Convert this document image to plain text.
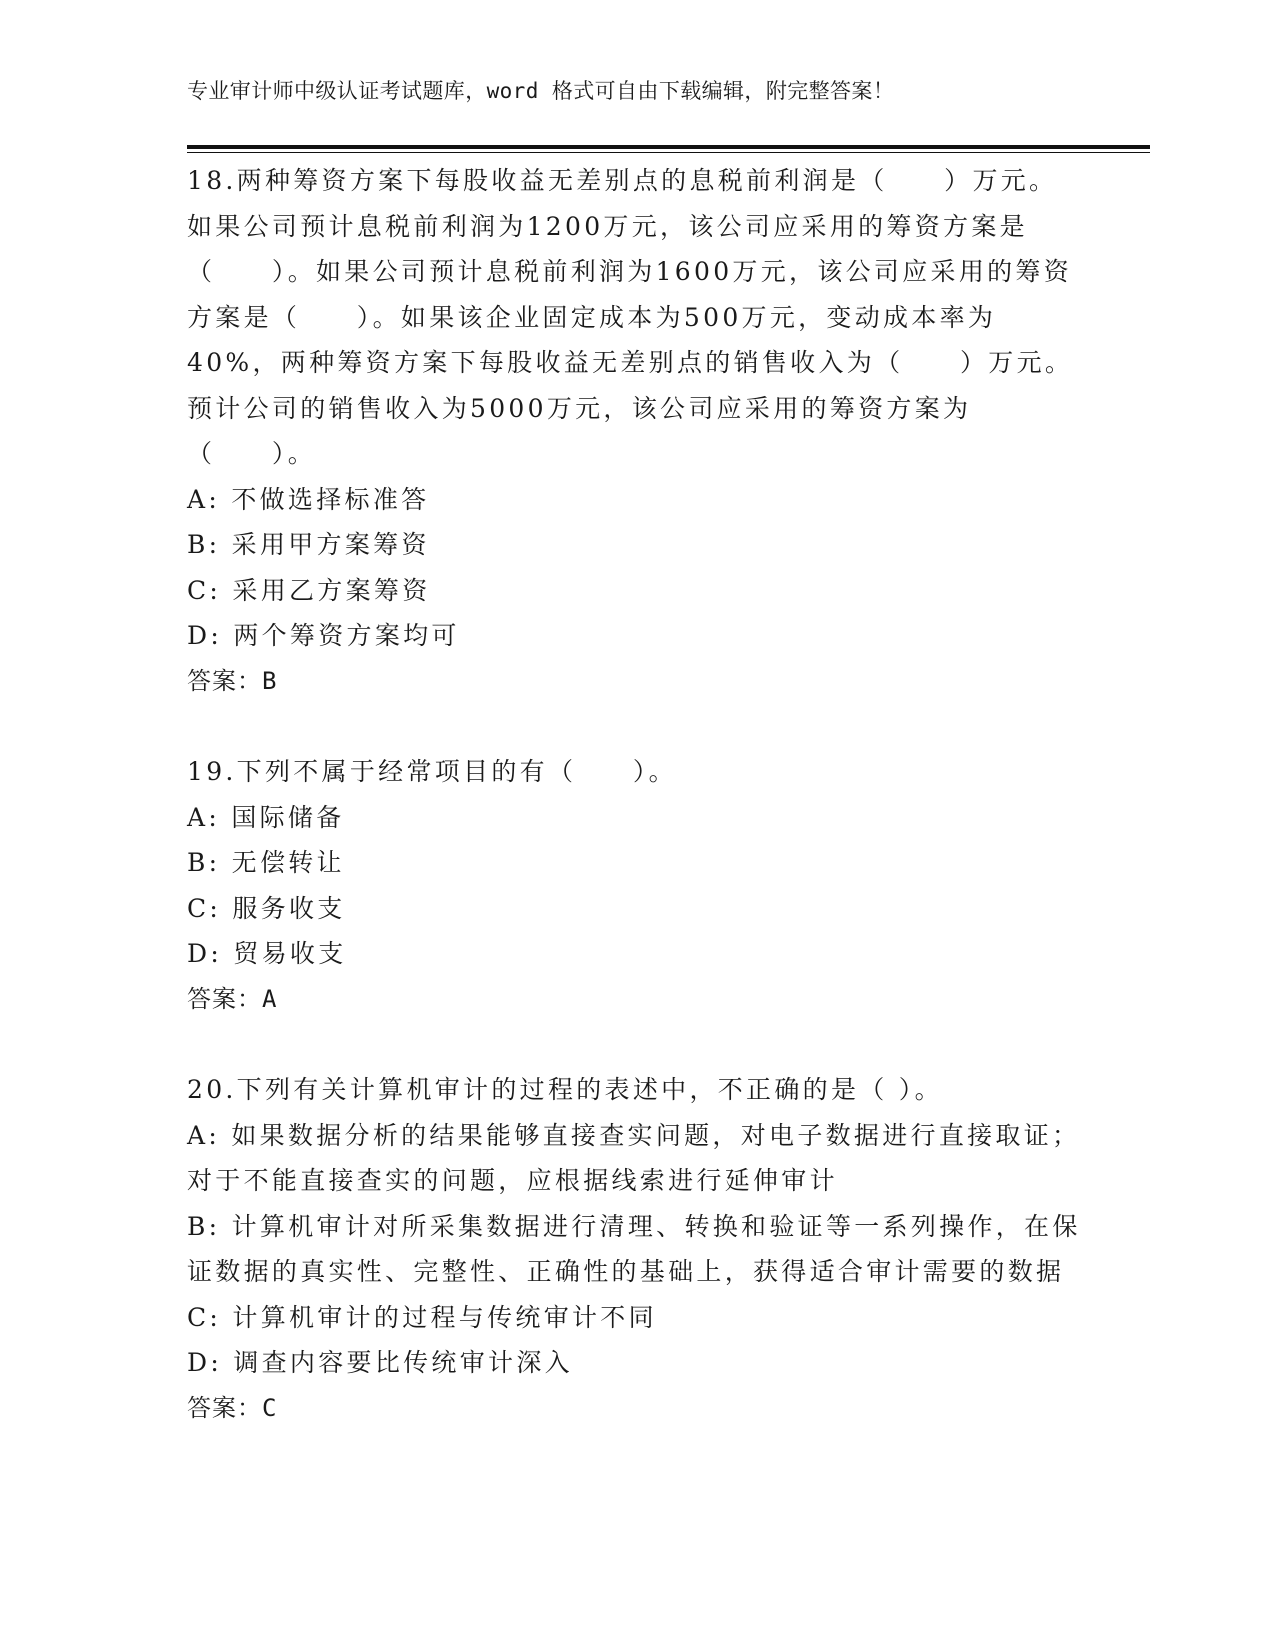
专业审计师中级认证考试题库，word 格式可自由下载编辑，附完整答案！

18.两种筹资方案下每股收益无差别点的息税前利润是（　　）万元。如果公司预计息税前利润为1200万元，该公司应采用的筹资方案是（　　）。如果公司预计息税前利润为1600万元，该公司应采用的筹资方案是（　　）。如果该企业固定成本为500万元，变动成本率为40%，两种筹资方案下每股收益无差别点的销售收入为（　　）万元。预计公司的销售收入为5000万元，该公司应采用的筹资方案为（　　）。

A: 不做选择标准答

B: 采用甲方案筹资

C: 采用乙方案筹资

D: 两个筹资方案均可

答案：B

19.下列不属于经常项目的有（　　）。

A: 国际储备

B: 无偿转让

C: 服务收支

D: 贸易收支

答案：A

20.下列有关计算机审计的过程的表述中，不正确的是（ ）。

A: 如果数据分析的结果能够直接查实问题，对电子数据进行直接取证；对于不能直接查实的问题，应根据线索进行延伸审计

B: 计算机审计对所采集数据进行清理、转换和验证等一系列操作，在保证数据的真实性、完整性、正确性的基础上，获得适合审计需要的数据

C: 计算机审计的过程与传统审计不同

D: 调查内容要比传统审计深入

答案：C
